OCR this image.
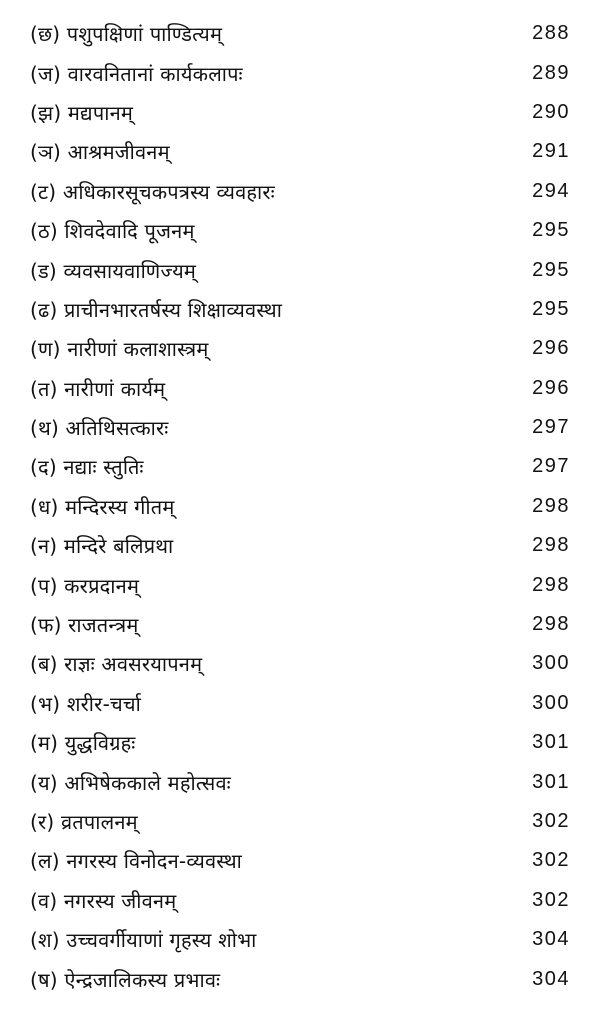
(छ) पशुपक्षिणां पाण्डित्यम्	288
(ज) वारवनितानां कार्यकलापः	289
(झ) मद्यपानम्	290
(ञ) आश्रमजीवनम्	291
(ट) अधिकारसूचकपत्रस्य व्यवहारः	294
(ठ) शिवदेवादि पूजनम्	295
(ड) व्यवसायवाणिज्यम्	295
(ढ) प्राचीनभारतर्षस्य शिक्षाव्यवस्था	295
(ण) नारीणां कलाशास्त्रम्	296
(त) नारीणां कार्यम्	296
(थ) अतिथिसत्कारः	297
(द) नद्याः स्तुतिः	297
(ध) मन्दिरस्य गीतम्	298
(न) मन्दिरे बलिप्रथा	298
(प) करप्रदानम्	298
(फ) राजतन्त्रम्	298
(ब) राज्ञः अवसरयापनम्	300
(भ) शरीर-चर्चा	300
(म) युद्धविग्रहः	301
(य) अभिषेककाले महोत्सवः	301
(र) व्रतपालनम्	302
(ल) नगरस्य विनोदन-व्यवस्था	302
(व) नगरस्य जीवनम्	302
(श) उच्चवर्गीयाणां गृहस्य शोभा	304
(ष) ऐन्द्रजालिकस्य प्रभावः	304
